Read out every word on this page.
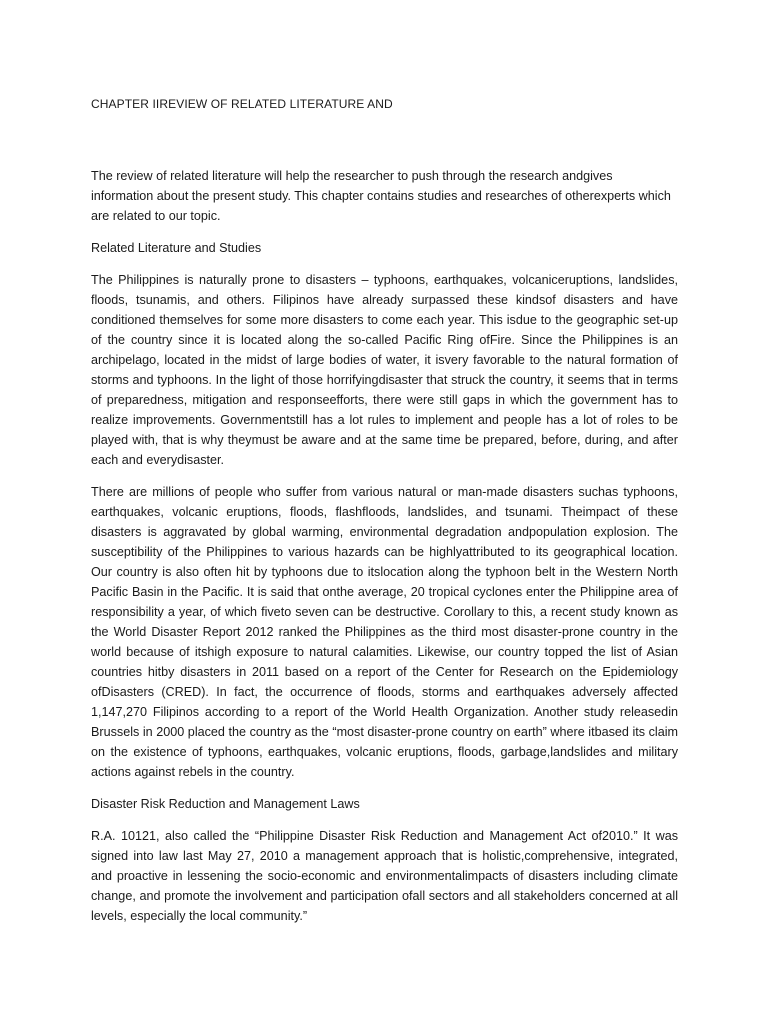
CHAPTER IIREVIEW OF RELATED LITERATURE AND

The review of related literature will help the researcher to push through the research andgives information about the present study. This chapter contains studies and researches of otherexperts which are related to our topic.

Related Literature and Studies

The Philippines is naturally prone to disasters – typhoons, earthquakes, volcaniceruptions, landslides, floods, tsunamis, and others. Filipinos have already surpassed these kindsof disasters and have conditioned themselves for some more disasters to come each year. This isdue to the geographic set-up of the country since it is located along the so-called Pacific Ring ofFire. Since the Philippines is an archipelago, located in the midst of large bodies of water, it isvery favorable to the natural formation of storms and typhoons. In the light of those horrifyingdisaster that struck the country, it seems that in terms of preparedness, mitigation and responseefforts, there were still gaps in which the government has to realize improvements. Governmentstill has a lot rules to implement and people has a lot of roles to be played with, that is why theymust be aware and at the same time be prepared, before, during, and after each and everydisaster.

There are millions of people who suffer from various natural or man-made disasters suchas typhoons, earthquakes, volcanic eruptions, floods, flashfloods, landslides, and tsunami. Theimpact of these disasters is aggravated by global warming, environmental degradation andpopulation explosion. The susceptibility of the Philippines to various hazards can be highlyattributed to its geographical location. Our country is also often hit by typhoons due to itslocation along the typhoon belt in the Western North Pacific Basin in the Pacific. It is said that onthe average, 20 tropical cyclones enter the Philippine area of responsibility a year, of which fiveto seven can be destructive. Corollary to this, a recent study known as the World Disaster Report 2012 ranked the Philippines as the third most disaster-prone country in the world because of itshigh exposure to natural calamities. Likewise, our country topped the list of Asian countries hitby disasters in 2011 based on a report of the Center for Research on the Epidemiology ofDisasters (CRED). In fact, the occurrence of floods, storms and earthquakes adversely affected 1,147,270 Filipinos according to a report of the World Health Organization. Another study releasedin Brussels in 2000 placed the country as the “most disaster-prone country on earth” where itbased its claim on the existence of typhoons, earthquakes, volcanic eruptions, floods, garbage,landslides and military actions against rebels in the country.

Disaster Risk Reduction and Management Laws

R.A. 10121, also called the “Philippine Disaster Risk Reduction and Management Act of2010.” It was signed into law last May 27, 2010 a management approach that is holistic,comprehensive, integrated, and proactive in lessening the socio-economic and environmentalimpacts of disasters including climate change, and promote the involvement and participation ofall sectors and all stakeholders concerned at all levels, especially the local community.”
